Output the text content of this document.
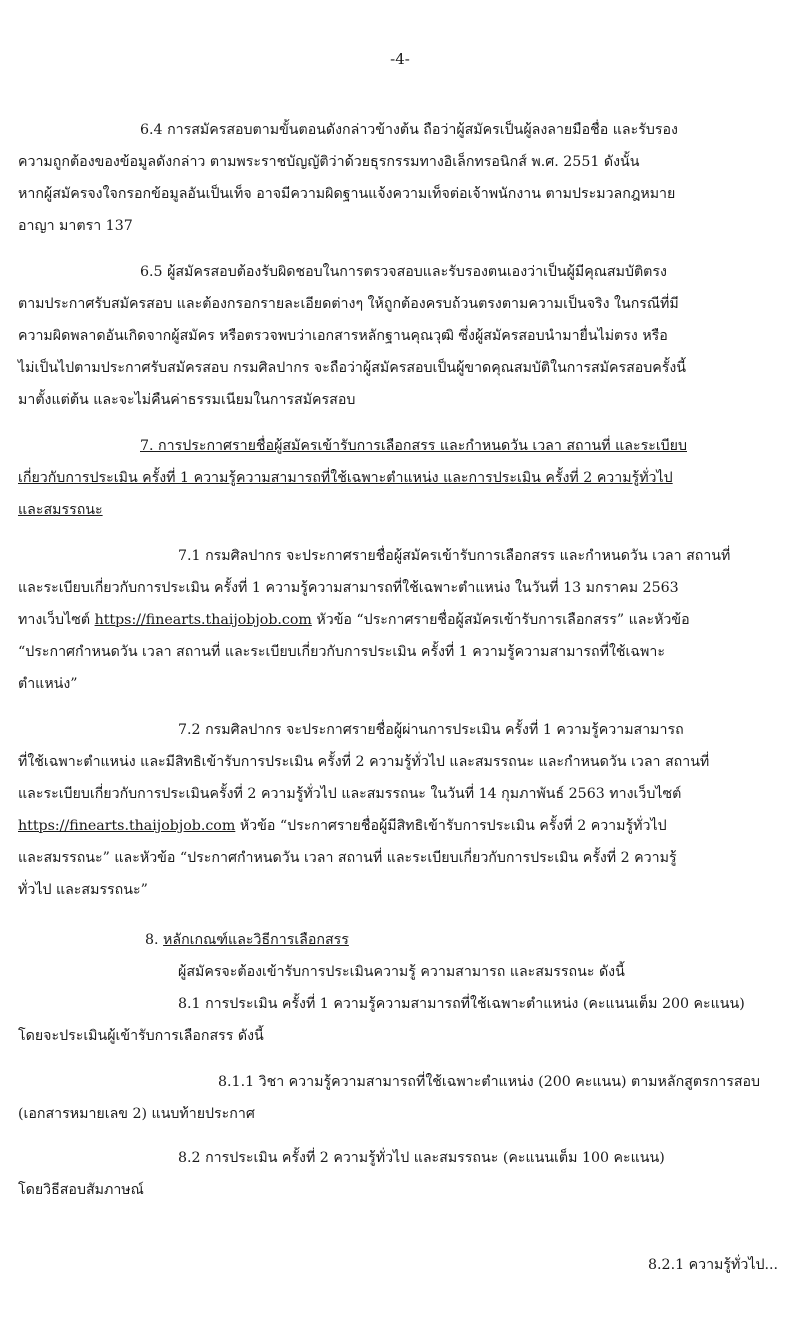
-4-
6.4 การสมัครสอบตามขั้นตอนดังกล่าวข้างต้น ถือว่าผู้สมัครเป็นผู้ลงลายมือชื่อ และรับรอง
ความถูกต้องของข้อมูลดังกล่าว ตามพระราชบัญญัติว่าด้วยธุรกรรมทางอิเล็กทรอนิกส์ พ.ศ. 2551 ดังนั้น
หากผู้สมัครจงใจกรอกข้อมูลอันเป็นเท็จ อาจมีความผิดฐานแจ้งความเท็จต่อเจ้าพนักงาน ตามประมวลกฎหมาย
อาญา มาตรา 137
6.5 ผู้สมัครสอบต้องรับผิดชอบในการตรวจสอบและรับรองตนเองว่าเป็นผู้มีคุณสมบัติตรง
ตามประกาศรับสมัครสอบ และต้องกรอกรายละเอียดต่างๆ ให้ถูกต้องครบถ้วนตรงตามความเป็นจริง ในกรณีที่มี
ความผิดพลาดอันเกิดจากผู้สมัคร หรือตรวจพบว่าเอกสารหลักฐานคุณวุฒิ ซึ่งผู้สมัครสอบนำมายื่นไม่ตรง หรือ
ไม่เป็นไปตามประกาศรับสมัครสอบ กรมศิลปากร จะถือว่าผู้สมัครสอบเป็นผู้ขาดคุณสมบัติในการสมัครสอบครั้งนี้
มาตั้งแต่ต้น และจะไม่คืนค่าธรรมเนียมในการสมัครสอบ
7. การประกาศรายชื่อผู้สมัครเข้ารับการเลือกสรร และกำหนดวัน เวลา สถานที่ และระเบียบ
เกี่ยวกับการประเมิน ครั้งที่ 1 ความรู้ความสามารถที่ใช้เฉพาะตำแหน่ง และการประเมิน ครั้งที่ 2 ความรู้ทั่วไป
และสมรรถนะ
7.1 กรมศิลปากร จะประกาศรายชื่อผู้สมัครเข้ารับการเลือกสรร และกำหนดวัน เวลา สถานที่
และระเบียบเกี่ยวกับการประเมิน ครั้งที่ 1 ความรู้ความสามารถที่ใช้เฉพาะตำแหน่ง ในวันที่ 13 มกราคม 2563
ทางเว็บไซต์ https://finearts.thaijobjob.com หัวข้อ “ประกาศรายชื่อผู้สมัครเข้ารับการเลือกสรร” และหัวข้อ
“ประกาศกำหนดวัน เวลา สถานที่ และระเบียบเกี่ยวกับการประเมิน ครั้งที่ 1 ความรู้ความสามารถที่ใช้เฉพาะ
ตำแหน่ง”
7.2 กรมศิลปากร จะประกาศรายชื่อผู้ผ่านการประเมิน ครั้งที่ 1 ความรู้ความสามารถ
ที่ใช้เฉพาะตำแหน่ง และมีสิทธิเข้ารับการประเมิน ครั้งที่ 2 ความรู้ทั่วไป และสมรรถนะ และกำหนดวัน เวลา สถานที่
และระเบียบเกี่ยวกับการประเมินครั้งที่ 2 ความรู้ทั่วไป และสมรรถนะ ในวันที่ 14 กุมภาพันธ์ 2563 ทางเว็บไซต์
https://finearts.thaijobjob.com หัวข้อ “ประกาศรายชื่อผู้มีสิทธิเข้ารับการประเมิน ครั้งที่ 2 ความรู้ทั่วไป
และสมรรถนะ” และหัวข้อ “ประกาศกำหนดวัน เวลา สถานที่ และระเบียบเกี่ยวกับการประเมิน ครั้งที่ 2 ความรู้
ทั่วไป และสมรรถนะ”
8. หลักเกณฑ์และวิธีการเลือกสรร
ผู้สมัครจะต้องเข้ารับการประเมินความรู้ ความสามารถ และสมรรถนะ ดังนี้
8.1 การประเมิน ครั้งที่ 1 ความรู้ความสามารถที่ใช้เฉพาะตำแหน่ง (คะแนนเต็ม 200 คะแนน)
โดยจะประเมินผู้เข้ารับการเลือกสรร ดังนี้
8.1.1 วิชา ความรู้ความสามารถที่ใช้เฉพาะตำแหน่ง (200 คะแนน) ตามหลักสูตรการสอบ
(เอกสารหมายเลข 2) แนบท้ายประกาศ
8.2 การประเมิน ครั้งที่ 2 ความรู้ทั่วไป และสมรรถนะ (คะแนนเต็ม 100 คะแนน)
โดยวิธีสอบสัมภาษณ์
8.2.1 ความรู้ทั่วไป...
